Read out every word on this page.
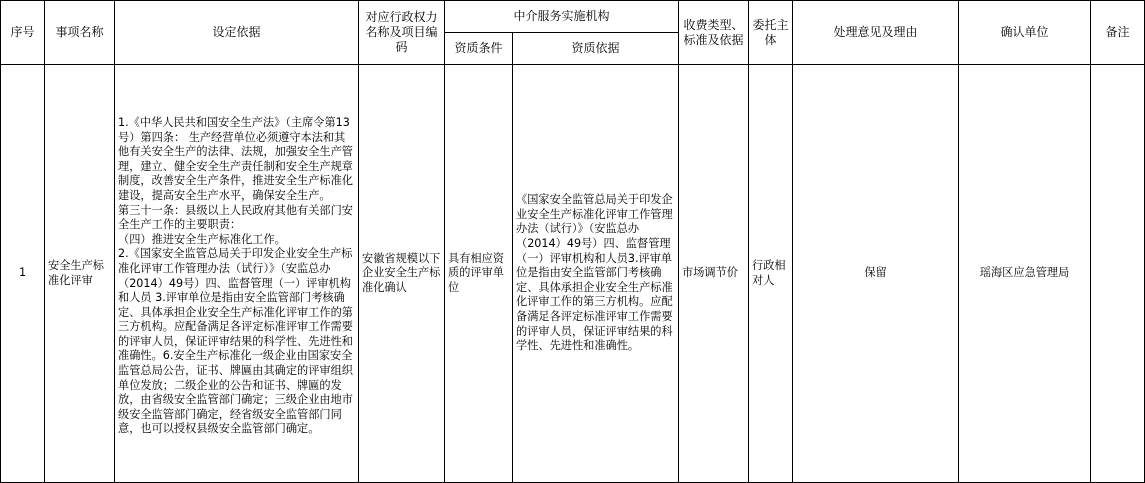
序号	事项名称	设定依据	对应行政权力名称及项目编码	中介服务实施机构		收费类型、标准及依据	委托主体	处理意见及理由	确认单位	备注
				资质条件	资质依据					
1	安全生产标准化评审	1.《中华人民共和国安全生产法》（主席令第13号）第四条： 生产经营单位必须遵守本法和其他有关安全生产的法律、法规，加强安全生产管理，建立、健全安全生产责任制和安全生产规章制度，改善安全生产条件，推进安全生产标准化建设，提高安全生产水平，确保安全生产。
第三十一条：县级以上人民政府其他有关部门安全生产工作的主要职责：
（四）推进安全生产标准化工作。
2.《国家安全监管总局关于印发企业安全生产标准化评审工作管理办法（试行）》（安监总办（2014）49号）四、监督管理（一）评审机构和人员 3.评审单位是指由安全监管部门考核确定、具体承担企业安全生产标准化评审工作的第三方机构。应配备满足各评定标准评审工作需要的评审人员，保证评审结果的科学性、先进性和准确性。6.安全生产标准化一级企业由国家安全监管总局公告，证书、牌匾由其确定的评审组织单位发放；二级企业的公告和证书、牌匾的发放，由省级安全监管部门确定；三级企业由地市级安全监管部门确定，经省级安全监管部门同意，也可以授权县级安全监管部门确定。	安徽省规模以下企业安全生产标准化确认	具有相应资质的评审单位	《国家安全监管总局关于印发企业安全生产标准化评审工作管理办法（试行）》（安监总办（2014）49号）四、监督管理（一）评审机构和人员3.评审单位是指由安全监管部门考核确定、具体承担企业安全生产标准化评审工作的第三方机构。应配备满足各评定标准评审工作需要的评审人员，保证评审结果的科学性、先进性和准确性。	市场调节价	行政相对人	保留	瑶海区应急管理局	
